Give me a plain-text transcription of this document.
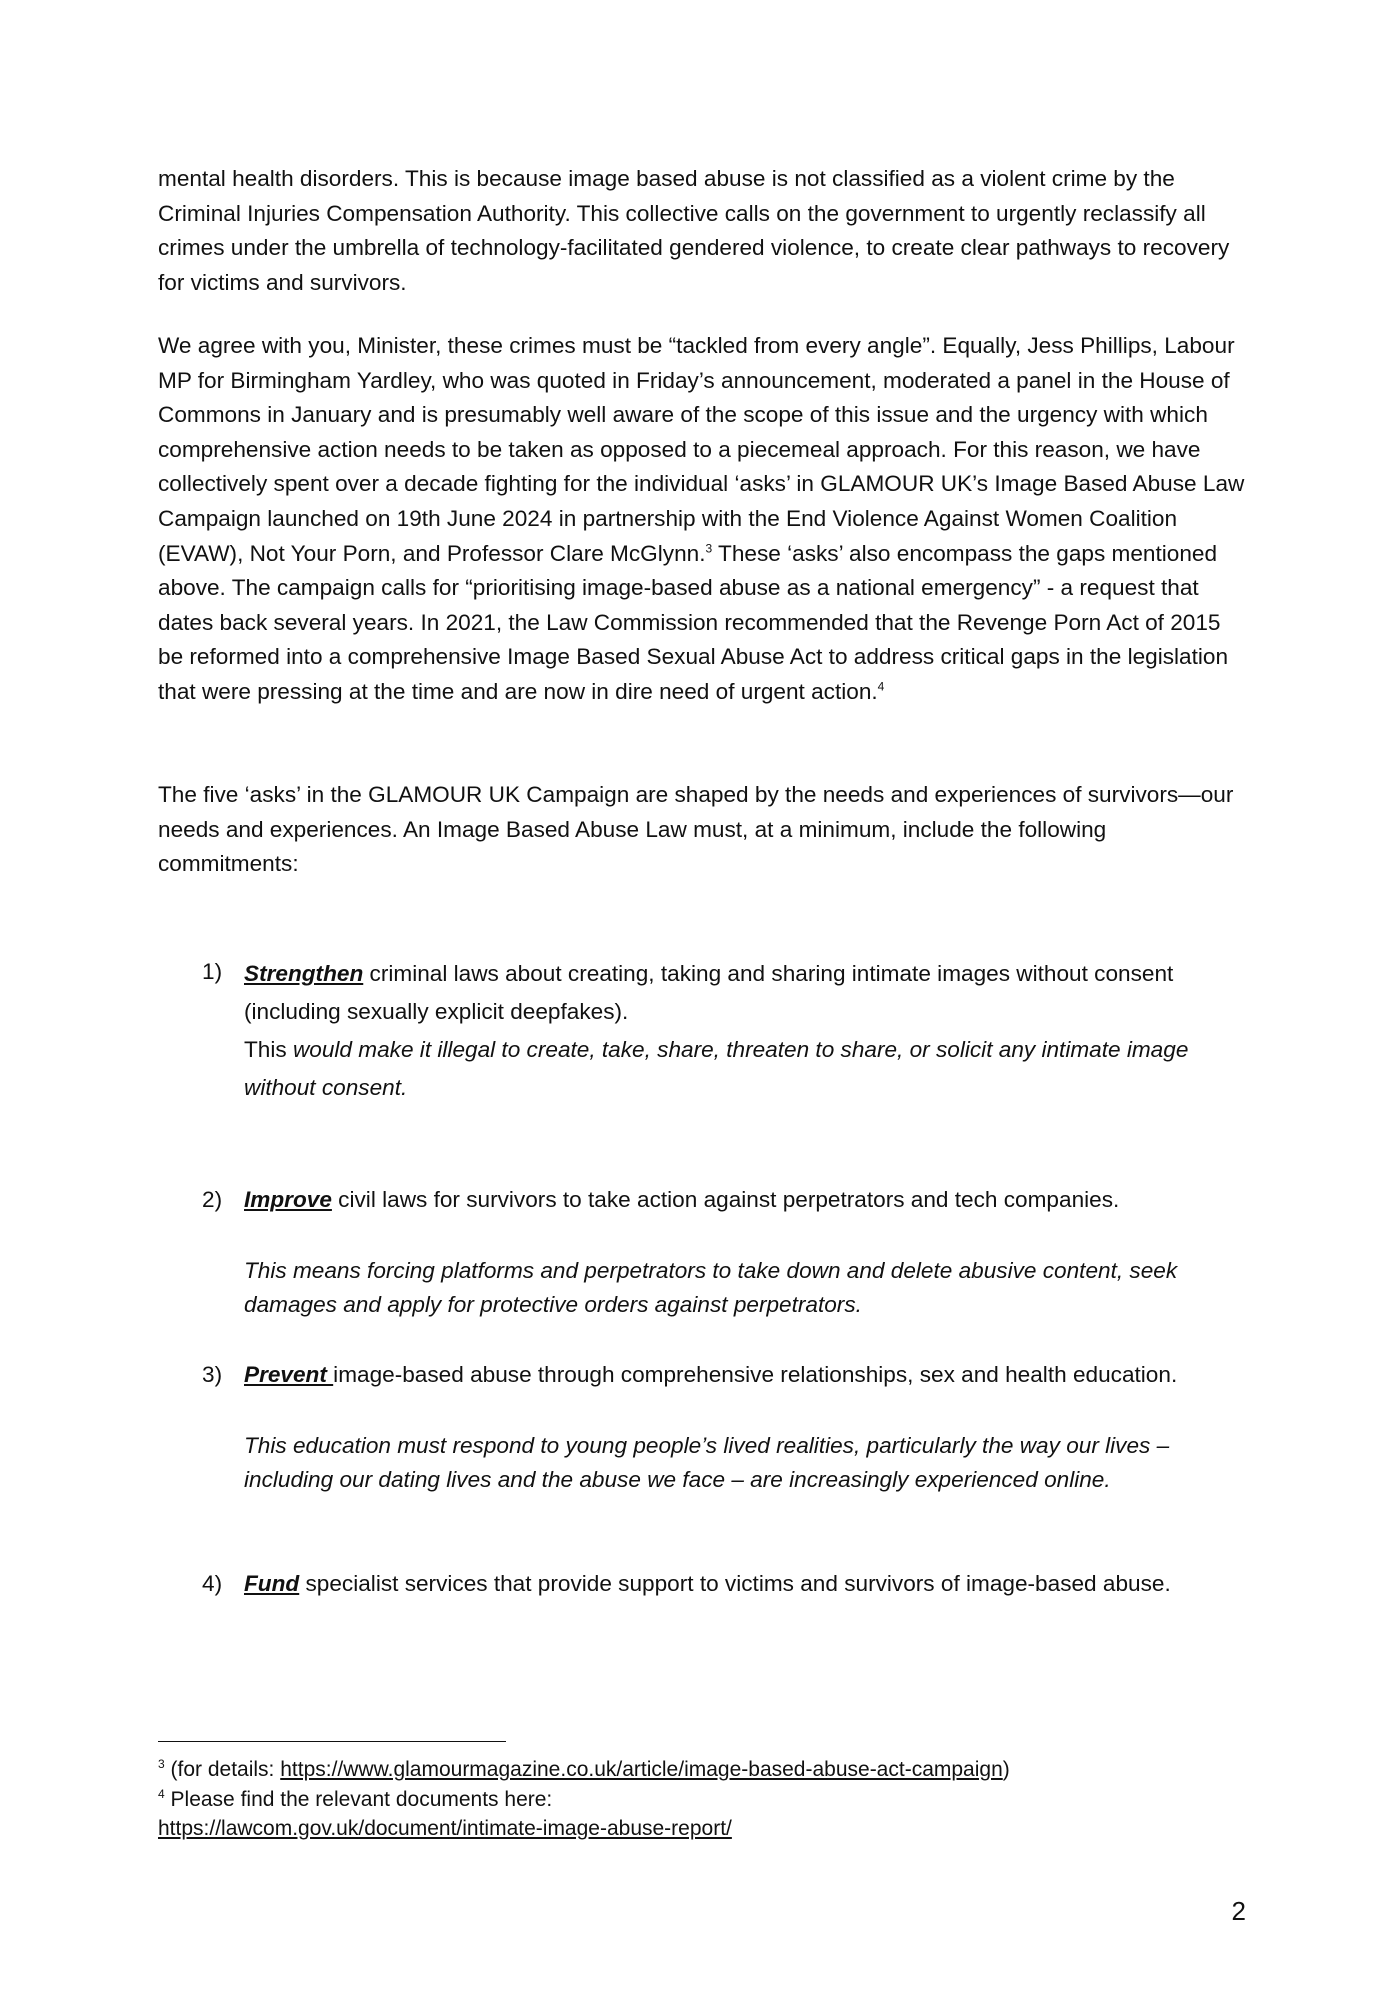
mental health disorders. This is because image based abuse is not classified as a violent crime by the Criminal Injuries Compensation Authority. This collective calls on the government to urgently reclassify all crimes under the umbrella of technology-facilitated gendered violence, to create clear pathways to recovery for victims and survivors.

We agree with you, Minister, these crimes must be “tackled from every angle”. Equally, Jess Phillips, Labour MP for Birmingham Yardley, who was quoted in Friday’s announcement, moderated a panel in the House of Commons in January and is presumably well aware of the scope of this issue and the urgency with which comprehensive action needs to be taken as opposed to a piecemeal approach. For this reason, we have collectively spent over a decade fighting for the individual ‘asks’ in GLAMOUR UK’s Image Based Abuse Law Campaign launched on 19th June 2024 in partnership with the End Violence Against Women Coalition (EVAW), Not Your Porn, and Professor Clare McGlynn.$^3$ These ‘asks’ also encompass the gaps mentioned above. The campaign calls for “prioritising image-based abuse as a national emergency” - a request that dates back several years. In 2021, the Law Commission recommended that the Revenge Porn Act of 2015 be reformed into a comprehensive Image Based Sexual Abuse Act to address critical gaps in the legislation that were pressing at the time and are now in dire need of urgent action.$^4$

The five ‘asks’ in the GLAMOUR UK Campaign are shaped by the needs and experiences of survivors—our needs and experiences. An Image Based Abuse Law must, at a minimum, include the following commitments:

1) Strengthen criminal laws about creating, taking and sharing intimate images without consent (including sexually explicit deepfakes).
This would make it illegal to create, take, share, threaten to share, or solicit any intimate image without consent.
2) Improve civil laws for survivors to take action against perpetrators and tech companies.
This means forcing platforms and perpetrators to take down and delete abusive content, seek damages and apply for protective orders against perpetrators.
3) Prevent image-based abuse through comprehensive relationships, sex and health education.
This education must respond to young people’s lived realities, particularly the way our lives – including our dating lives and the abuse we face – are increasingly experienced online.
4) Fund specialist services that provide support to victims and survivors of image-based abuse.
$^3$ (for details: https://www.glamourmagazine.co.uk/article/image-based-abuse-act-campaign)
$^4$ Please find the relevant documents here:
https://lawcom.gov.uk/document/intimate-image-abuse-report/
2
